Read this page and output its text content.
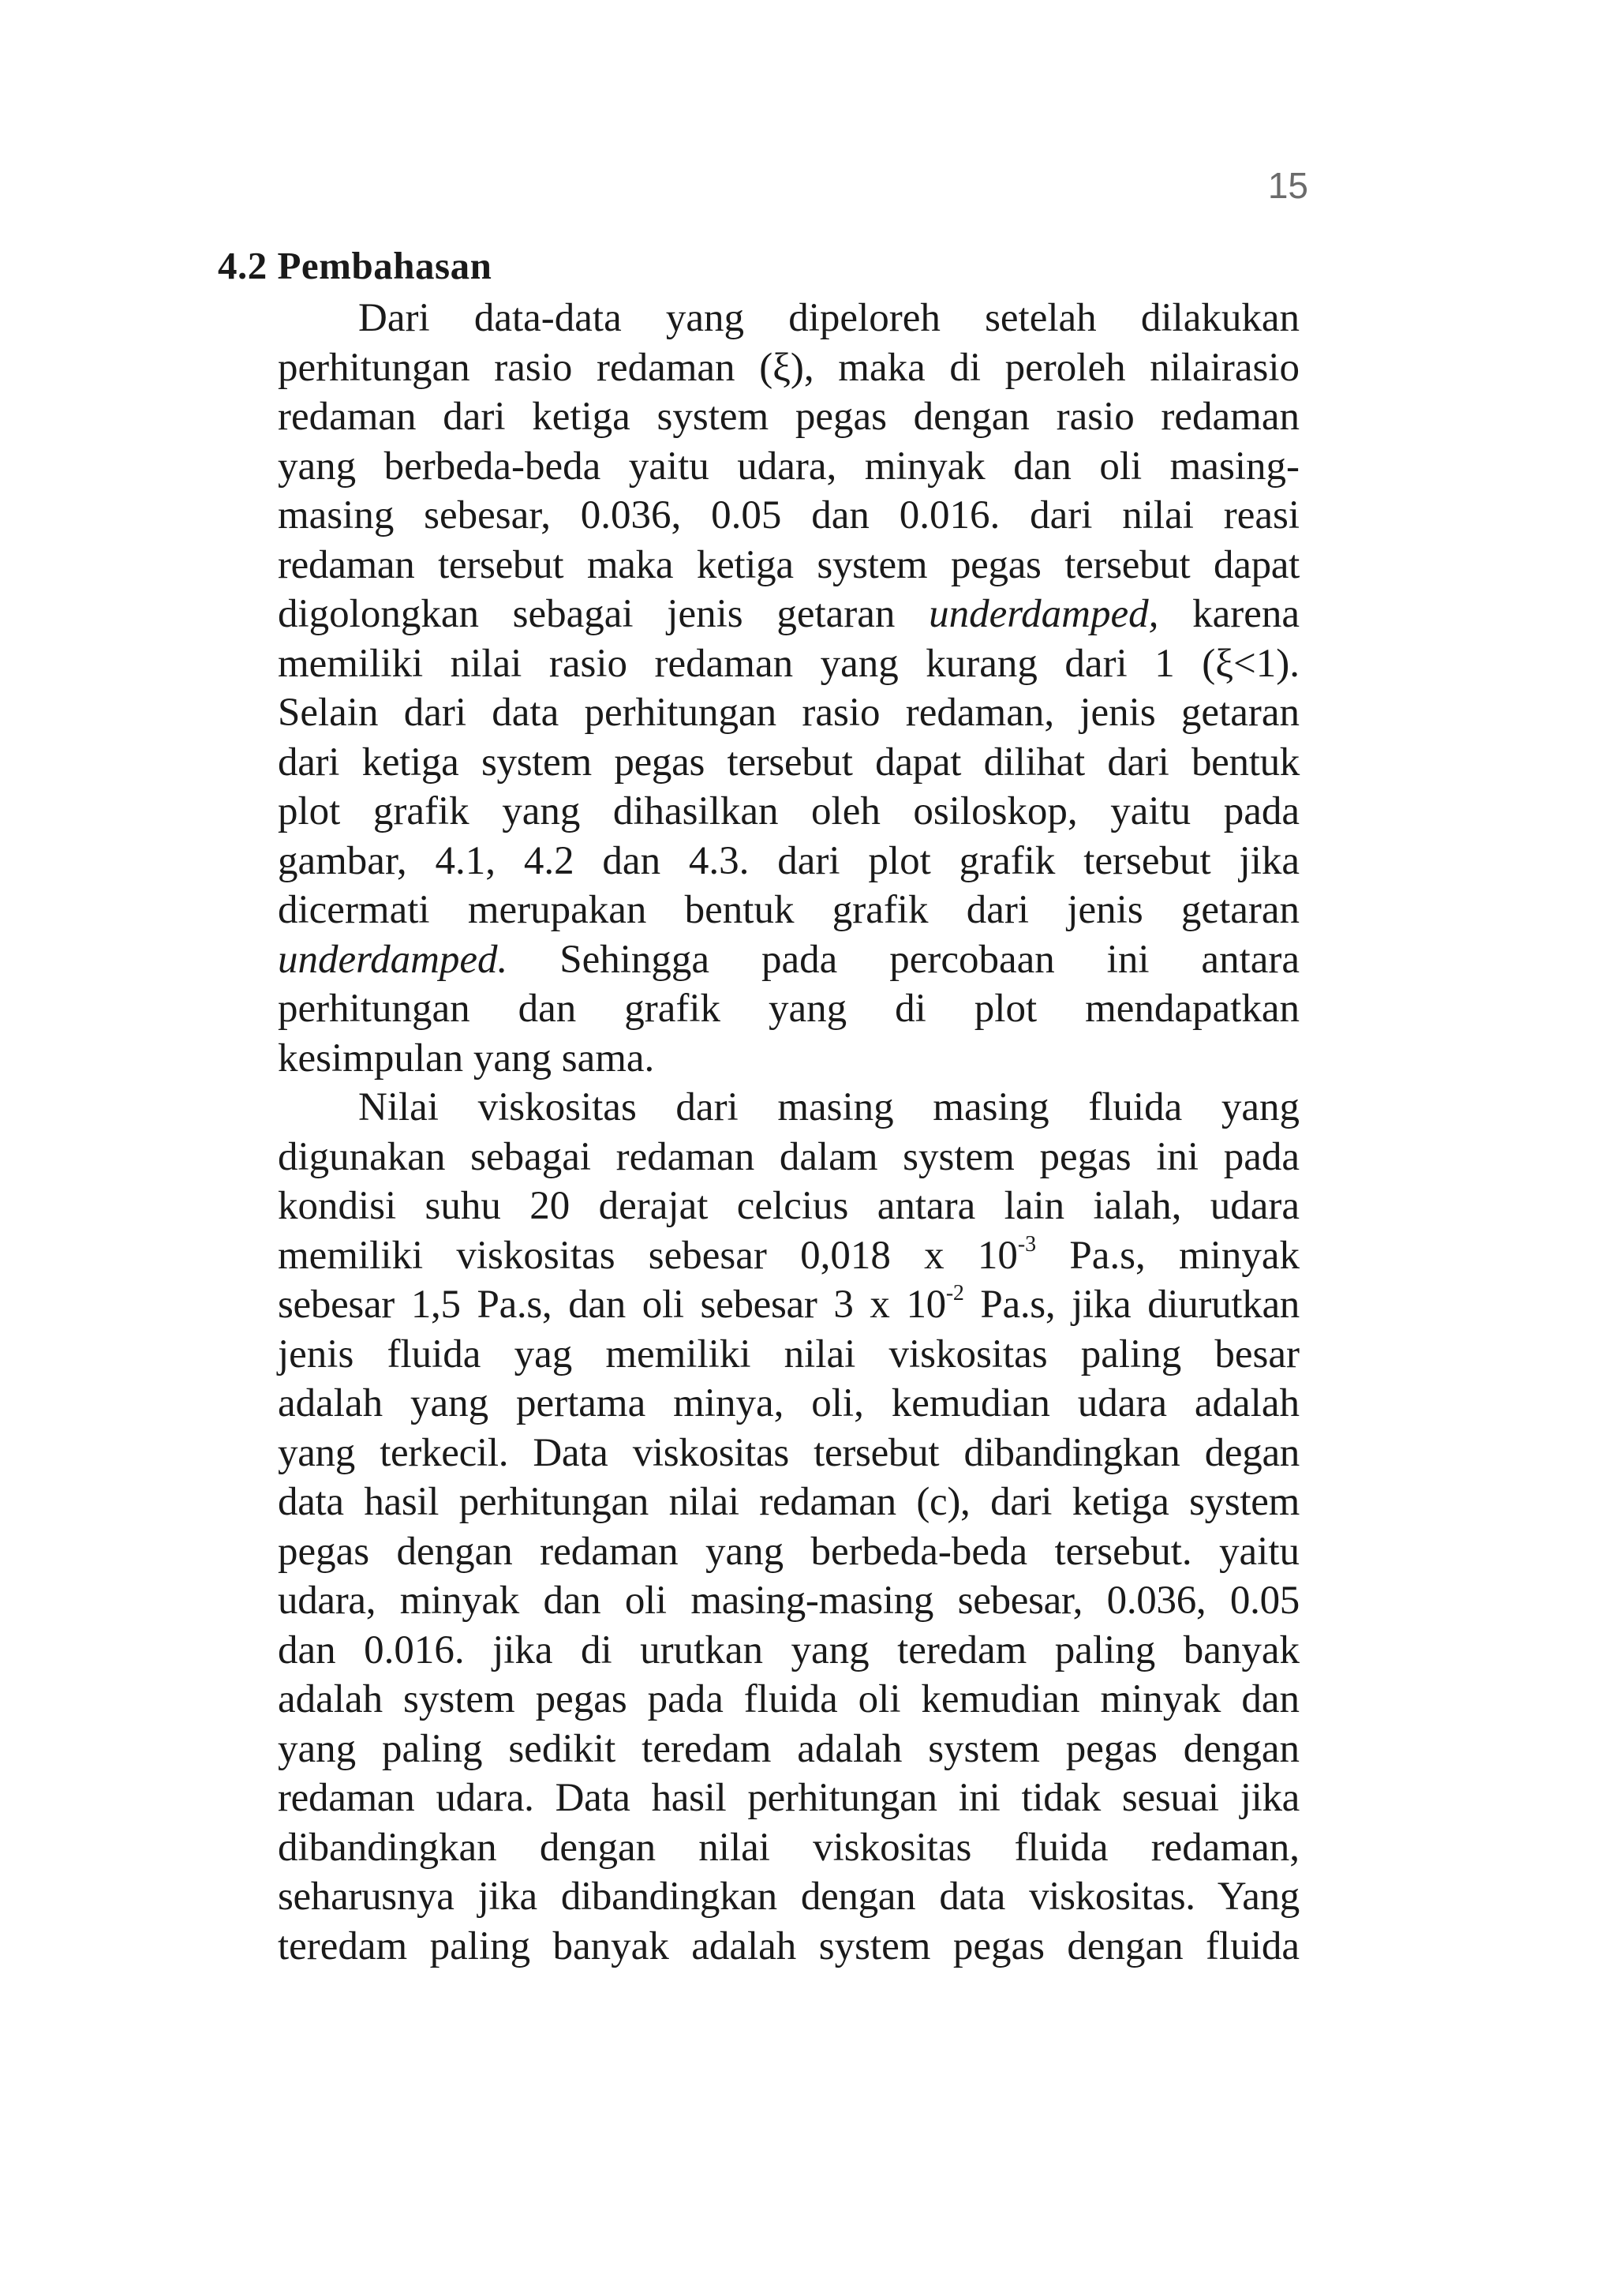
15
4.2 Pembahasan
Dari data-data yang dipeloreh setelah dilakukan
perhitungan rasio redaman (ξ), maka di peroleh nilairasio
redaman dari ketiga system pegas dengan rasio redaman
yang berbeda-beda yaitu udara, minyak dan oli masing-
masing sebesar, 0.036, 0.05 dan 0.016. dari nilai reasi
redaman tersebut maka ketiga system pegas tersebut dapat
digolongkan sebagai jenis getaran underdamped, karena
memiliki nilai rasio redaman yang kurang dari 1 (ξ<1).
Selain dari data perhitungan rasio redaman, jenis getaran
dari ketiga system pegas tersebut dapat dilihat dari bentuk
plot grafik yang dihasilkan oleh osiloskop, yaitu pada
gambar, 4.1, 4.2 dan 4.3. dari plot grafik tersebut jika
dicermati merupakan bentuk grafik dari jenis getaran
underdamped. Sehingga pada percobaan ini antara
perhitungan dan grafik yang di plot mendapatkan
kesimpulan yang sama.
Nilai viskositas dari masing masing fluida yang
digunakan sebagai redaman dalam system pegas ini pada
kondisi suhu 20 derajat celcius antara lain ialah, udara
memiliki viskositas sebesar 0,018 x $10^{-3}$ Pa.s, minyak
sebesar 1,5 Pa.s, dan oli sebesar 3 x $10^{-2}$ Pa.s, jika diurutkan
jenis fluida yag memiliki nilai viskositas paling besar
adalah yang pertama minya, oli, kemudian udara adalah
yang terkecil. Data viskositas tersebut dibandingkan degan
data hasil perhitungan nilai redaman (c), dari ketiga system
pegas dengan redaman yang berbeda-beda tersebut. yaitu
udara, minyak dan oli masing-masing sebesar, 0.036, 0.05
dan 0.016. jika di urutkan yang teredam paling banyak
adalah system pegas pada fluida oli kemudian minyak dan
yang paling sedikit teredam adalah system pegas dengan
redaman udara. Data hasil perhitungan ini tidak sesuai jika
dibandingkan dengan nilai viskositas fluida redaman,
seharusnya jika dibandingkan dengan data viskositas. Yang
teredam paling banyak adalah system pegas dengan fluida
